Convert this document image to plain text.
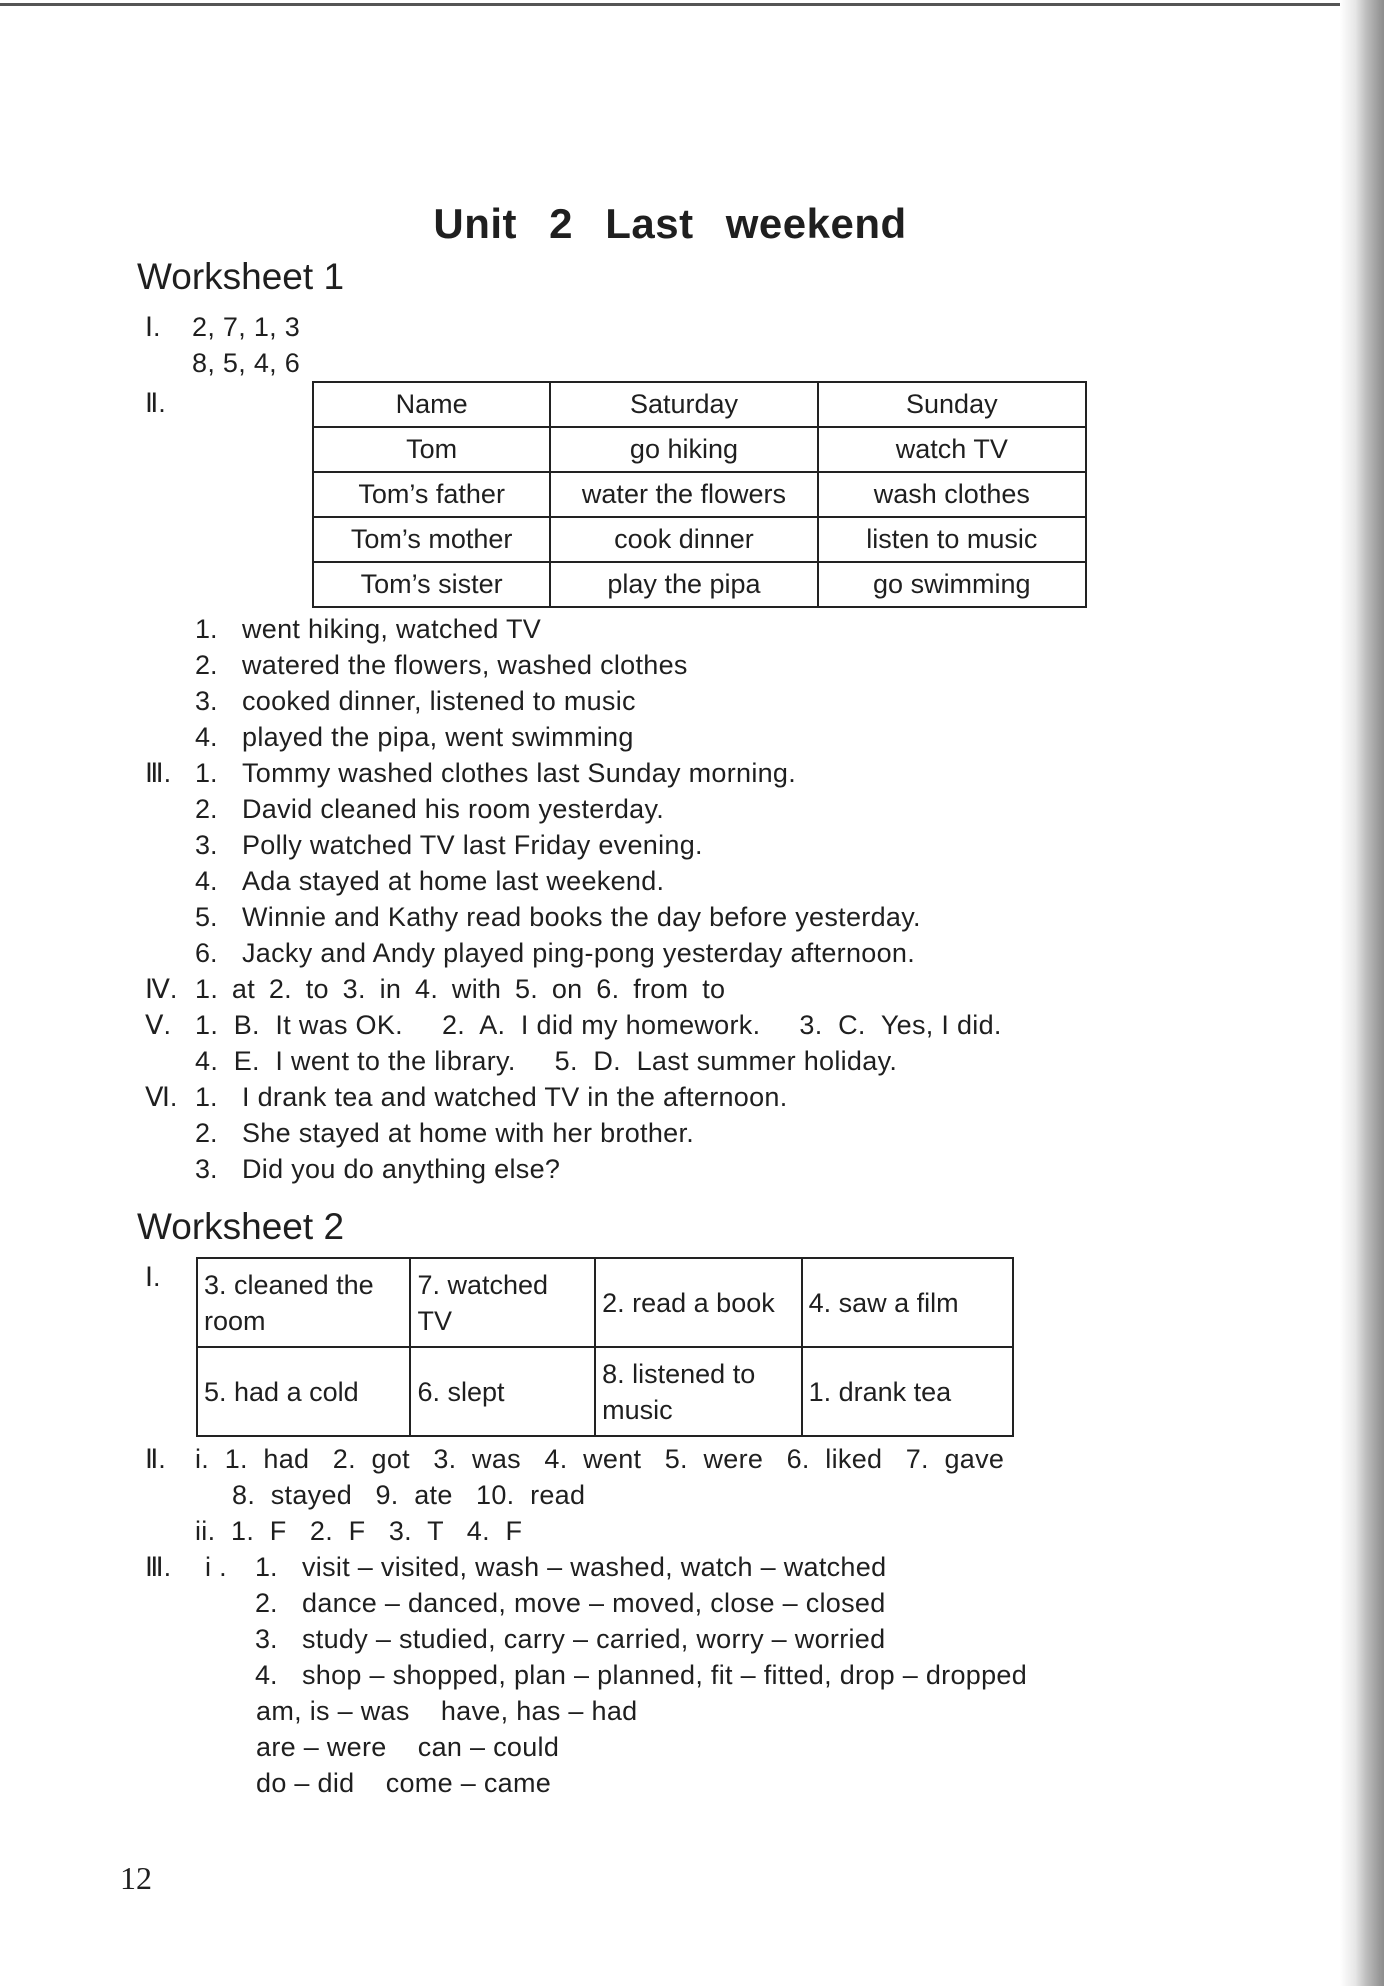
Unit 2 Last weekend
Worksheet 1
Ⅰ. 2, 7, 1, 3
8, 5, 4, 6
Ⅱ.	Name	Saturday	Sunday
Tom	go hiking	watch TV
Tom’s father	water the flowers	wash clothes
Tom’s mother	cook dinner	listen to music
Tom’s sister	play the pipa	go swimming
1. went hiking, watched TV
2. watered the flowers, washed clothes
3. cooked dinner, listened to music
4. played the pipa, went swimming
Ⅲ. 1. Tommy washed clothes last Sunday morning.
2. David cleaned his room yesterday.
3. Polly watched TV last Friday evening.
4. Ada stayed at home last weekend.
5. Winnie and Kathy read books the day before yesterday.
6. Jacky and Andy played ping-pong yesterday afternoon.
Ⅳ. 1. at 2. to 3. in 4. with 5. on 6. from to
Ⅴ. 1.  B.  It was OK.     2.  A.  I did my homework.     3.  C.  Yes, I did.
4.  E.  I went to the library.     5.  D.  Last summer holiday.
Ⅵ. 1. I drank tea and watched TV in the afternoon.
2. She stayed at home with her brother.
3. Did you do anything else?
Worksheet 2
Ⅰ. 3. cleaned the room	7. watched TV	2. read a book	4. saw a film
5. had a cold	6. slept	8. listened to music	1. drank tea
Ⅱ. i.  1.  had   2.  got   3.  was   4.  went   5.  were   6.  liked   7.  gave
8.  stayed   9.  ate   10.  read
ii.  1.  F   2.  F   3.  T   4.  F
Ⅲ. i . 1. visit – visited, wash – washed, watch – watched
2. dance – danced, move – moved, close – closed
3. study – studied, carry – carried, worry – worried
4. shop – shopped, plan – planned, fit – fitted, drop – dropped
am, is – was    have, has – had
are – were    can – could
do – did    come – came
12
